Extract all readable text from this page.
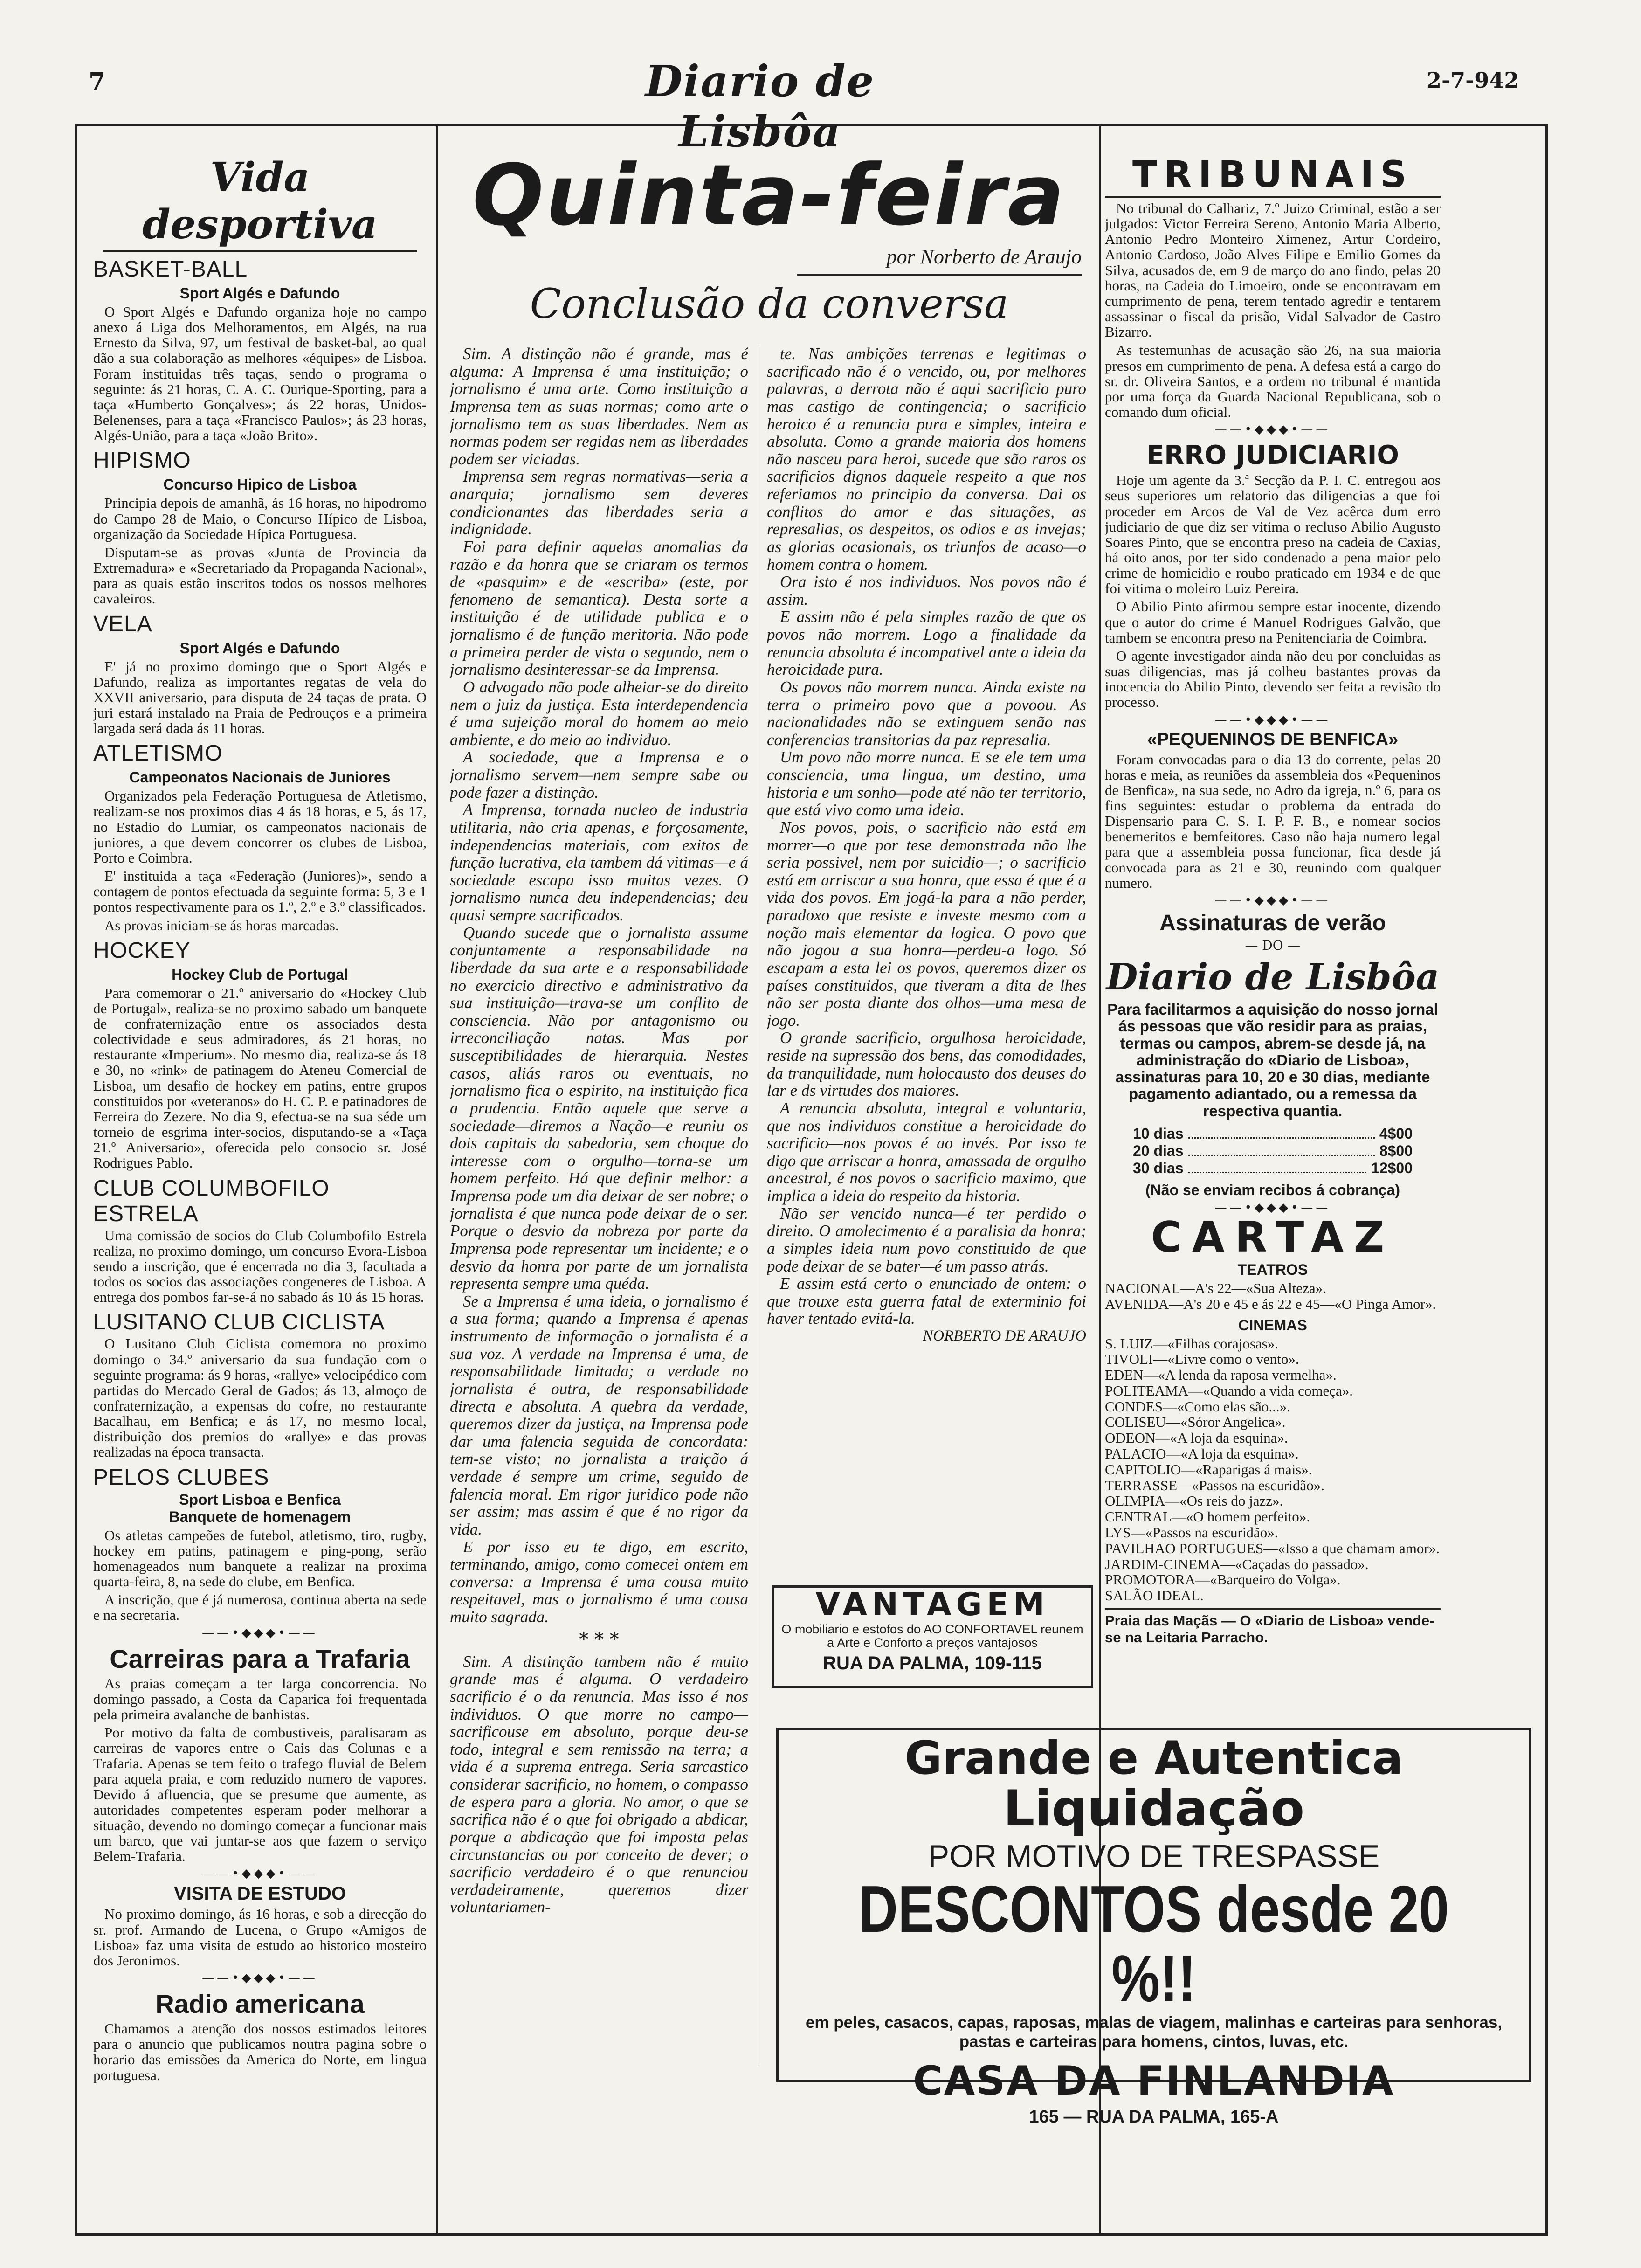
7	Diario de Lisbôa
2-7-942
Vida desportiva
BASKET-BALL
Sport Algés e Dafundo

O Sport Algés e Dafundo organiza hoje no campo anexo á Liga dos Melhoramentos, em Algés, na rua Ernesto da Silva, 97, um festival de basket-bal, ao qual dão a sua colaboração as melhores «équipes» de Lisboa. Foram instituidas três taças, sendo o programa o seguinte: ás 21 horas, C. A. C. Ourique-Sporting, para a taça «Humberto Gonçalves»; ás 22 horas, Unidos-Belenenses, para a taça «Francisco Paulos»; ás 23 horas, Algés-União, para a taça «João Brito».

HIPISMO
Concurso Hipico de Lisboa

Principia depois de amanhã, ás 16 horas, no hipodromo do Campo 28 de Maio, o Concurso Hípico de Lisboa, organização da Sociedade Hípica Portuguesa.

Disputam-se as provas «Junta de Provincia da Extremadura» e «Secretariado da Propaganda Nacional», para as quais estão inscritos todos os nossos melhores cavaleiros.

VELA
Sport Algés e Dafundo

E' já no proximo domingo que o Sport Algés e Dafundo, realiza as importantes regatas de vela do XXVII aniversario, para disputa de 24 taças de prata. O juri estará instalado na Praia de Pedrouços e a primeira largada será dada ás 11 horas.

ATLETISMO
Campeonatos Nacionais de Juniores

Organizados pela Federação Portuguesa de Atletismo, realizam-se nos proximos dias 4 ás 18 horas, e 5, ás 17, no Estadio do Lumiar, os campeonatos nacionais de juniores, a que devem concorrer os clubes de Lisboa, Porto e Coimbra.

E' instituida a taça «Federação (Juniores)», sendo a contagem de pontos efectuada da seguinte forma: 5, 3 e 1 pontos respectivamente para os 1.º, 2.º e 3.º classificados.

As provas iniciam-se ás horas marcadas.

HOCKEY
Hockey Club de Portugal

Para comemorar o 21.º aniversario do «Hockey Club de Portugal», realiza-se no proximo sabado um banquete de confraternização entre os associados desta colectividade e seus admiradores, ás 21 horas, no restaurante «Imperium». No mesmo dia, realiza-se ás 18 e 30, no «rink» de patinagem do Ateneu Comercial de Lisboa, um desafio de hockey em patins, entre grupos constituidos por «veteranos» do H. C. P. e patinadores de Ferreira do Zezere. No dia 9, efectua-se na sua séde um torneio de esgrima inter-socios, disputando-se a «Taça 21.º Aniversario», oferecida pelo consocio sr. José Rodrigues Pablo.

CLUB COLUMBOFILO ESTRELA

Uma comissão de socios do Club Columbofilo Estrela realiza, no proximo domingo, um concurso Evora-Lisboa sendo a inscrição, que é encerrada no dia 3, facultada a todos os socios das associações congeneres de Lisboa. A entrega dos pombos far-se-á no sabado ás 10 ás 15 horas.

LUSITANO CLUB CICLISTA

O Lusitano Club Ciclista comemora no proximo domingo o 34.º aniversario da sua fundação com o seguinte programa: ás 9 horas, «rallye» velocipédico com partidas do Mercado Geral de Gados; ás 13, almoço de confraternização, a expensas do cofre, no restaurante Bacalhau, em Benfica; e ás 17, no mesmo local, distribuição dos premios do «rallye» e das provas realizadas na época transacta.

PELOS CLUBES
Sport Lisboa e Benfica
Banquete de homenagem

Os atletas campeões de futebol, atletismo, tiro, rugby, hockey em patins, patinagem e ping-pong, serão homenageados num banquete a realizar na proxima quarta-feira, 8, na sede do clube, em Benfica.

A inscrição, que é já numerosa, continua aberta na sede e na secretaria.

——•◆◆◆•——
Carreiras para a Trafaria

As praias começam a ter larga concorrencia. No domingo passado, a Costa da Caparica foi frequentada pela primeira avalanche de banhistas.

Por motivo da falta de combustiveis, paralisaram as carreiras de vapores entre o Cais das Colunas e a Trafaria. Apenas se tem feito o trafego fluvial de Belem para aquela praia, e com reduzido numero de vapores. Devido á afluencia, que se presume que aumente, as autoridades competentes esperam poder melhorar a situação, devendo no domingo começar a funcionar mais um barco, que vai juntar-se aos que fazem o serviço Belem-Trafaria.

——•◆◆◆•——
VISITA DE ESTUDO

No proximo domingo, ás 16 horas, e sob a direcção do sr. prof. Armando de Lucena, o Grupo «Amigos de Lisboa» faz uma visita de estudo ao historico mosteiro dos Jeronimos.

——•◆◆◆•——
Radio americana

Chamamos a atenção dos nossos estimados leitores para o anuncio que publicamos noutra pagina sobre o horario das emissões da America do Norte, em lingua portuguesa.

Quinta-feira
por Norberto de Araujo
Conclusão da conversa

Sim. A distinção não é grande, mas é alguma: A Imprensa é uma instituição; o jornalismo é uma arte. Como instituição a Imprensa tem as suas normas; como arte o jornalismo tem as suas liberdades. Nem as normas podem ser regidas nem as liberdades podem ser viciadas.

Imprensa sem regras normativas—seria a anarquia; jornalismo sem deveres condicionantes das liberdades seria a indignidade.

Foi para definir aquelas anomalias da razão e da honra que se criaram os termos de «pasquim» e de «escriba» (este, por fenomeno de semantica). Desta sorte a instituição é de utilidade publica e o jornalismo é de função meritoria. Não pode a primeira perder de vista o segundo, nem o jornalismo desinteressar-se da Imprensa.

O advogado não pode alheiar-se do direito nem o juiz da justiça. Esta interdependencia é uma sujeição moral do homem ao meio ambiente, e do meio ao individuo.

A sociedade, que a Imprensa e o jornalismo servem—nem sempre sabe ou pode fazer a distinção.

A Imprensa, tornada nucleo de industria utilitaria, não cria apenas, e forçosamente, independencias materiais, com exitos de função lucrativa, ela tambem dá vitimas—e á sociedade escapa isso muitas vezes. O jornalismo nunca deu independencias; deu quasi sempre sacrificados.

Quando sucede que o jornalista assume conjuntamente a responsabilidade na liberdade da sua arte e a responsabilidade no exercicio directivo e administrativo da sua instituição—trava-se um conflito de consciencia. Não por antagonismo ou irreconciliação natas. Mas por susceptibilidades de hierarquia. Nestes casos, aliás raros ou eventuais, no jornalismo fica o espirito, na instituição fica a prudencia. Então aquele que serve a sociedade—diremos a Nação—e reuniu os dois capitais da sabedoria, sem choque do interesse com o orgulho—torna-se um homem perfeito. Há que definir melhor: a Imprensa pode um dia deixar de ser nobre; o jornalista é que nunca pode deixar de o ser. Porque o desvio da nobreza por parte da Imprensa pode representar um incidente; e o desvio da honra por parte de um jornalista representa sempre uma quéda.

Se a Imprensa é uma ideia, o jornalismo é a sua forma; quando a Imprensa é apenas instrumento de informação o jornalista é a sua voz. A verdade na Imprensa é uma, de responsabilidade limitada; a verdade no jornalista é outra, de responsabilidade directa e absoluta. A quebra da verdade, queremos dizer da justiça, na Imprensa pode dar uma falencia seguida de concordata: tem-se visto; no jornalista a traição á verdade é sempre um crime, seguido de falencia moral. Em rigor juridico pode não ser assim; mas assim é que é no rigor da vida.

E por isso eu te digo, em escrito, terminando, amigo, como comecei ontem em conversa: a Imprensa é uma cousa muito respeitavel, mas o jornalismo é uma cousa muito sagrada.

* * *

Sim. A distinção tambem não é muito grande mas é alguma. O verdadeiro sacrificio é o da renuncia. Mas isso é nos individuos. O que morre no campo—sacrificouse em absoluto, porque deu-se todo, integral e sem remissão na terra; a vida é a suprema entrega. Seria sarcastico considerar sacrificio, no homem, o compasso de espera para a gloria. No amor, o que se sacrifica não é o que foi obrigado a abdicar, porque a abdicação que foi imposta pelas circunstancias ou por conceito de dever; o sacrificio verdadeiro é o que renunciou verdadeiramente, queremos dizer voluntariamen-

te. Nas ambições terrenas e legitimas o sacrificado não é o vencido, ou, por melhores palavras, a derrota não é aqui sacrificio puro mas castigo de contingencia; o sacrificio heroico é a renuncia pura e simples, inteira e absoluta. Como a grande maioria dos homens não nasceu para heroi, sucede que são raros os sacrificios dignos daquele respeito a que nos referiamos no principio da conversa. Dai os conflitos do amor e das situações, as represalias, os despeitos, os odios e as invejas; as glorias ocasionais, os triunfos de acaso—o homem contra o homem.

Ora isto é nos individuos. Nos povos não é assim.

E assim não é pela simples razão de que os povos não morrem. Logo a finalidade da renuncia absoluta é incompativel ante a ideia da heroicidade pura.

Os povos não morrem nunca. Ainda existe na terra o primeiro povo que a povoou. As nacionalidades não se extinguem senão nas conferencias transitorias da paz represalia.

Um povo não morre nunca. E se ele tem uma consciencia, uma lingua, um destino, uma historia e um sonho—pode até não ter territorio, que está vivo como uma ideia.

Nos povos, pois, o sacrificio não está em morrer—o que por tese demonstrada não lhe seria possivel, nem por suicidio—; o sacrificio está em arriscar a sua honra, que essa é que é a vida dos povos. Em jogá-la para a não perder, paradoxo que resiste e investe mesmo com a noção mais elementar da logica. O povo que não jogou a sua honra—perdeu-a logo. Só escapam a esta lei os povos, queremos dizer os países constituidos, que tiveram a dita de lhes não ser posta diante dos olhos—uma mesa de jogo.

O grande sacrificio, orgulhosa heroicidade, reside na supressão dos bens, das comodidades, da tranquilidade, num holocausto dos deuses do lar e ds virtudes dos maiores.

A renuncia absoluta, integral e voluntaria, que nos individuos constitue a heroicidade do sacrificio—nos povos é ao invés. Por isso te digo que arriscar a honra, amassada de orgulho ancestral, é nos povos o sacrificio maximo, que implica a ideia do respeito da historia.

Não ser vencido nunca—é ter perdido o direito. O amolecimento é a paralisia da honra; a simples ideia num povo constituido de que pode deixar de se bater—é um passo atrás.

E assim está certo o enunciado de ontem: o que trouxe esta guerra fatal de exterminio foi haver tentado evitá-la.

NORBERTO DE ARAUJO
VANTAGEM
O mobiliario e estofos do AO CONFORTAVEL reunem a Arte e Conforto a preços vantajosos
RUA DA PALMA, 109-115
Grande e Autentica
Liquidação
POR MOTIVO DE TRESPASSE
DESCONTOS desde 20 %!!
em peles, casacos, capas, raposas, malas de viagem, malinhas e carteiras para senhoras, pastas e carteiras para homens, cintos, luvas, etc.
CASA DA FINLANDIA
165 — RUA DA PALMA, 165-A
TRIBUNAIS

No tribunal do Calhariz, 7.º Juizo Criminal, estão a ser julgados: Victor Ferreira Sereno, Antonio Maria Alberto, Antonio Pedro Monteiro Ximenez, Artur Cordeiro, Antonio Cardoso, João Alves Filipe e Emilio Gomes da Silva, acusados de, em 9 de março do ano findo, pelas 20 horas, na Cadeia do Limoeiro, onde se encontravam em cumprimento de pena, terem tentado agredir e tentarem assassinar o fiscal da prisão, Vidal Salvador de Castro Bizarro.

As testemunhas de acusação são 26, na sua maioria presos em cumprimento de pena. A defesa está a cargo do sr. dr. Oliveira Santos, e a ordem no tribunal é mantida por uma força da Guarda Nacional Republicana, sob o comando dum oficial.

——•◆◆◆•——
ERRO JUDICIARIO

Hoje um agente da 3.ª Secção da P. I. C. entregou aos seus superiores um relatorio das diligencias a que foi proceder em Arcos de Val de Vez acêrca dum erro judiciario de que diz ser vitima o recluso Abilio Augusto Soares Pinto, que se encontra preso na cadeia de Caxias, há oito anos, por ter sido condenado a pena maior pelo crime de homicidio e roubo praticado em 1934 e de que foi vitima o moleiro Luiz Pereira.

O Abilio Pinto afirmou sempre estar inocente, dizendo que o autor do crime é Manuel Rodrigues Galvão, que tambem se encontra preso na Penitenciaria de Coimbra.

O agente investigador ainda não deu por concluidas as suas diligencias, mas já colheu bastantes provas da inocencia do Abilio Pinto, devendo ser feita a revisão do processo.

——•◆◆◆•——
«PEQUENINOS DE BENFICA»

Foram convocadas para o dia 13 do corrente, pelas 20 horas e meia, as reuniões da assembleia dos «Pequeninos de Benfica», na sua sede, no Adro da igreja, n.º 6, para os fins seguintes: estudar o problema da entrada do Dispensario para C. S. I. P. F. B., e nomear socios benemeritos e bemfeitores. Caso não haja numero legal para que a assembleia possa funcionar, fica desde já convocada para as 21 e 30, reunindo com qualquer numero.

——•◆◆◆•——
Assinaturas de verão
— DO —
Diario de Lisbôa

Para facilitarmos a aquisição do nosso jornal ás pessoas que vão residir para as praias, termas ou campos, abrem-se desde já, na administração do «Diario de Lisboa», assinaturas para 10, 20 e 30 dias, mediante pagamento adiantado, ou a remessa da respectiva quantia.

10 dias	4$00
20 dias	8$00
30 dias	12$00
(Não se enviam recibos á cobrança)
——•◆◆◆•——
CARTAZ
TEATROS

NACIONAL—A's 22—«Sua Alteza».

AVENIDA—A's 20 e 45 e ás 22 e 45—«O Pinga Amor».

CINEMAS

S. LUIZ—«Filhas corajosas».

TIVOLI—«Livre como o vento».

EDEN—«A lenda da raposa vermelha».

POLITEAMA—«Quando a vida começa».

CONDES—«Como elas são...».

COLISEU—«Sóror Angelica».

ODEON—«A loja da esquina».

PALACIO—«A loja da esquina».

CAPITOLIO—«Raparigas á mais».

TERRASSE—«Passos na escuridão».

OLIMPIA—«Os reis do jazz».

CENTRAL—«O homem perfeito».

LYS—«Passos na escuridão».

PAVILHAO PORTUGUES—«Isso a que chamam amor».

JARDIM-CINEMA—«Caçadas do passado».

PROMOTORA—«Barqueiro do Volga».

SALÃO IDEAL.

Praia das Maçãs — O «Diario de Lisboa» vende-se na Leitaria Parracho.
